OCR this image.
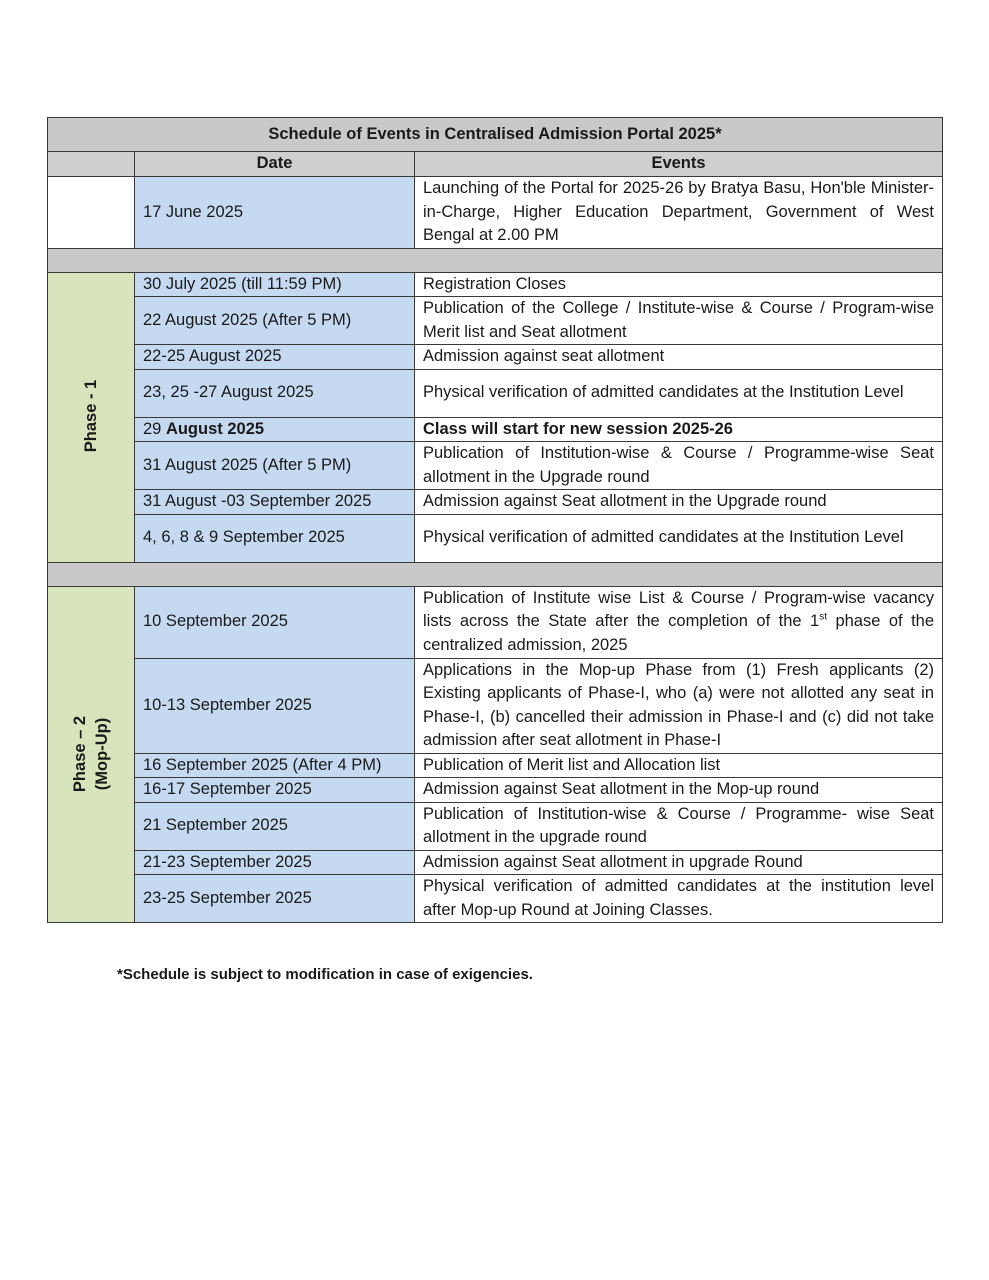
Schedule of Events in Centralised Admission Portal 2025*		
	Date	Events
	17 June 2025	Launching of the Portal for 2025-26 by Bratya Basu, Hon'ble Minister-in-Charge, Higher Education Department, Government of West Bengal at 2.00 PM

Phase - 1	30 July 2025 (till 11:59 PM)	Registration Closes
	22 August 2025 (After 5 PM)	Publication of the College / Institute-wise & Course / Program-wise Merit list and Seat allotment
	22-25 August 2025	Admission against seat allotment
	23, 25 -27 August 2025	Physical verification of admitted candidates at the Institution Level
	29 August 2025	Class will start for new session 2025-26
	31 August 2025 (After 5 PM)	Publication of Institution-wise & Course / Programme-wise Seat allotment in the Upgrade round
	31 August -03 September 2025	Admission against Seat allotment in the Upgrade round
	4, 6, 8 & 9 September 2025	Physical verification of admitted candidates at the Institution Level

Phase – 2 (Mop-Up)	10 September 2025	Publication of Institute wise List & Course / Program-wise vacancy lists across the State after the completion of the 1st phase of the centralized admission, 2025
	10-13 September 2025	Applications in the Mop-up Phase from (1) Fresh applicants (2) Existing applicants of Phase-I, who (a) were not allotted any seat in Phase-I, (b) cancelled their admission in Phase-I and (c) did not take admission after seat allotment in Phase-I
	16 September 2025 (After 4 PM)	Publication of Merit list and Allocation list
	16-17 September 2025	Admission against Seat allotment in the Mop-up round
	21 September 2025	Publication of Institution-wise & Course / Programme- wise Seat allotment in the upgrade round
	21-23 September 2025	Admission against Seat allotment in upgrade Round
	23-25 September 2025	Physical verification of admitted candidates at the institution level after Mop-up Round at Joining Classes.
*Schedule is subject to modification in case of exigencies.
